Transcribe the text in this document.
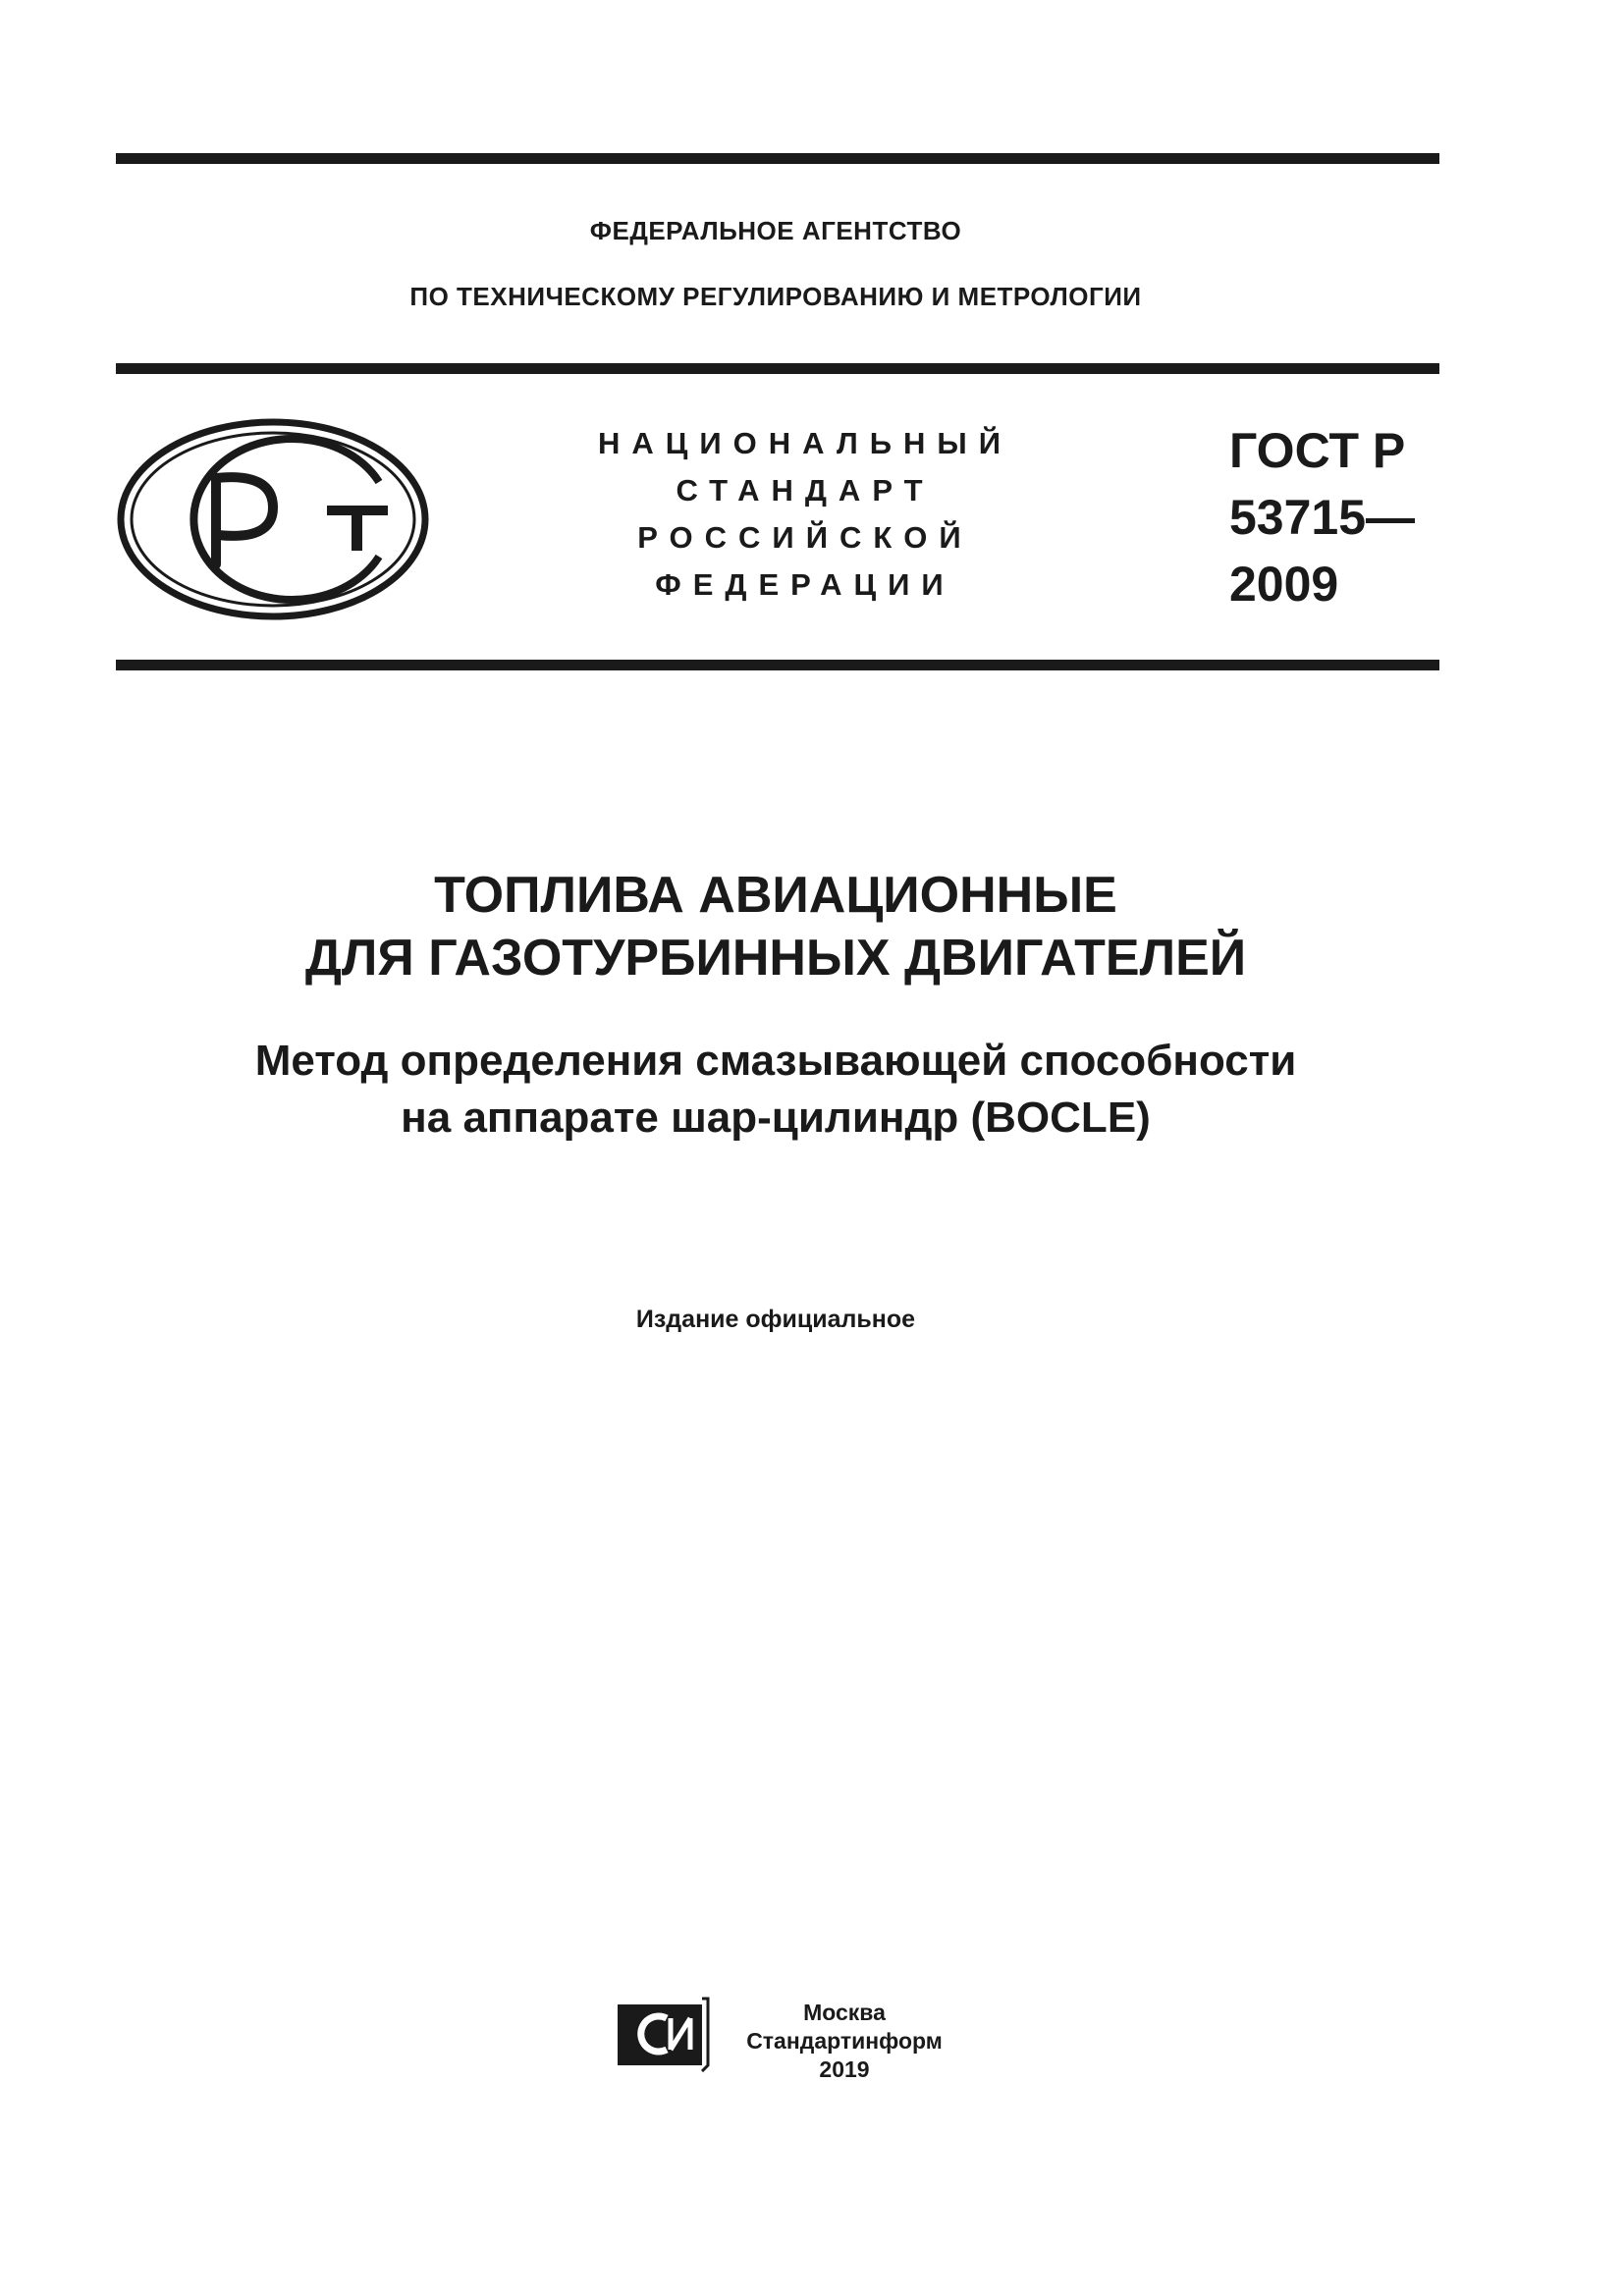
ФЕДЕРАЛЬНОЕ АГЕНТСТВО
ПО ТЕХНИЧЕСКОМУ РЕГУЛИРОВАНИЮ И МЕТРОЛОГИИ
НАЦИОНАЛЬНЫЙ
СТАНДАРТ
РОССИЙСКОЙ
ФЕДЕРАЦИИ
ГОСТ Р
53715—
2009
ТОПЛИВА АВИАЦИОННЫЕ
ДЛЯ ГАЗОТУРБИННЫХ ДВИГАТЕЛЕЙ
Метод определения смазывающей способности
на аппарате шар-цилиндр (BOCLE)
Издание официальное
Москва
Стандартинформ
2019
